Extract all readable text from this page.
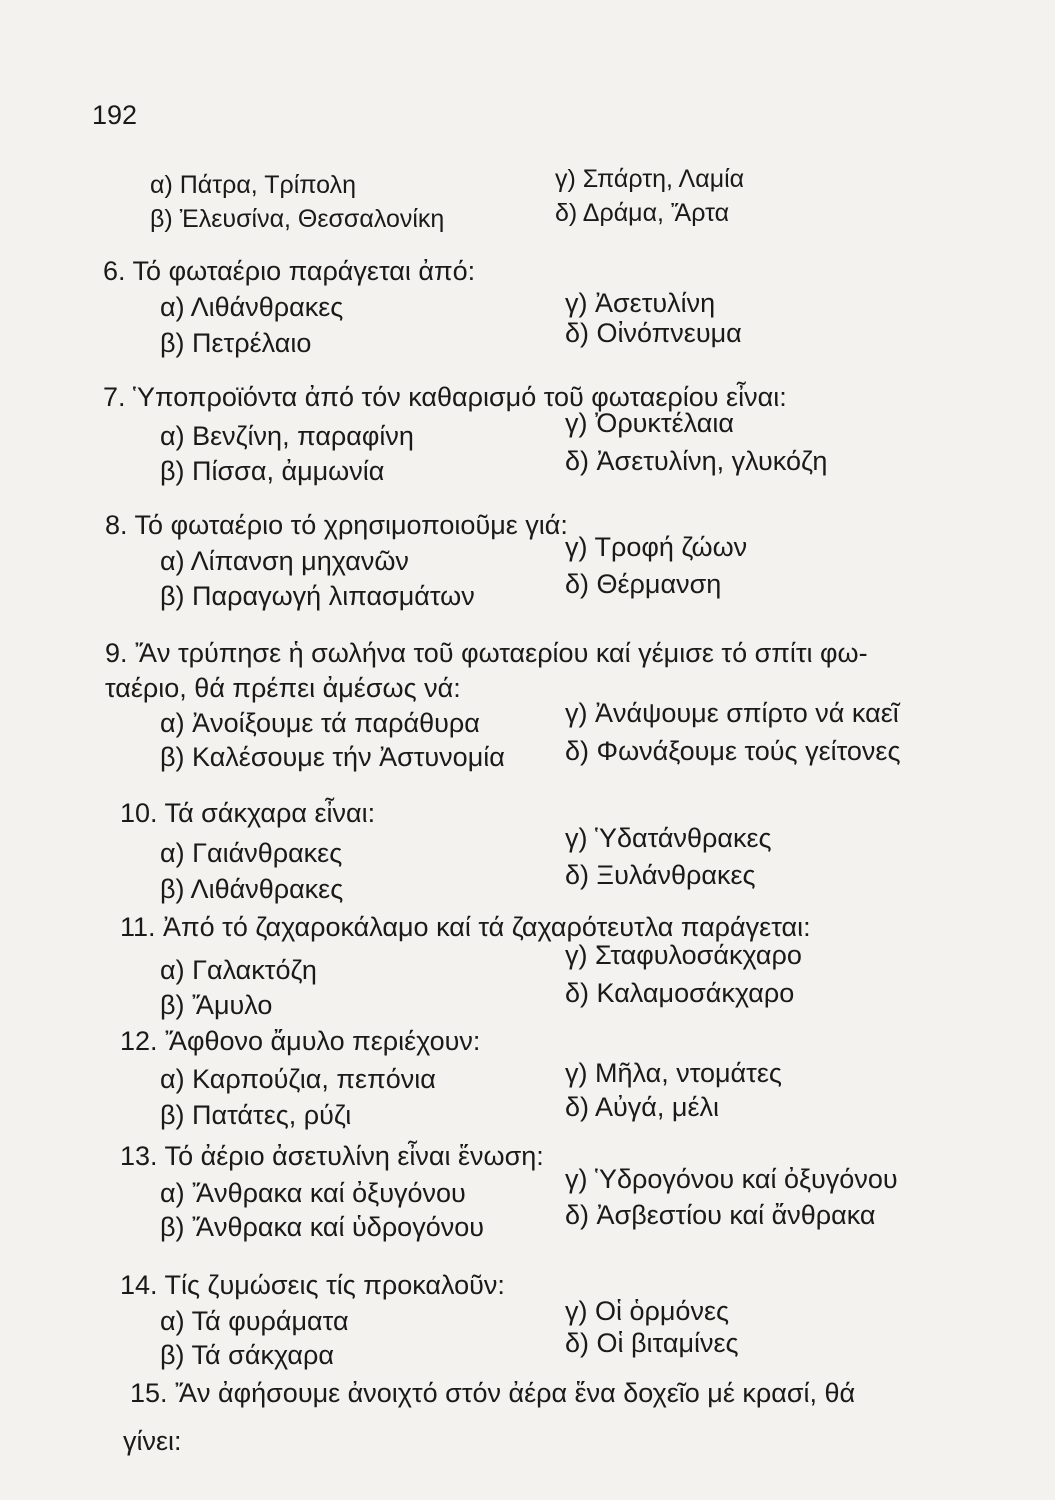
192
α) Πάτρα, Τρίπολη	γ) Σπάρτη, Λαμία
β) Ἐλευσίνα, Θεσσαλονίκη	δ) Δράμα, Ἄρτα
6. Τό φωταέριο παράγεται ἀπό:
α) Λιθάνθρακες	γ) Ἀσετυλίνη
β) Πετρέλαιο	δ) Οἰνόπνευμα
7. Ὑποπροϊόντα ἀπό τόν καθαρισμό τοῦ φωταερίου εἶναι:
α) Βενζίνη, παραφίνη	γ) Ὀρυκτέλαια
β) Πίσσα, ἀμμωνία	δ) Ἀσετυλίνη, γλυκόζη
8. Τό φωταέριο τό χρησιμοποιοῦμε γιά:
α) Λίπανση μηχανῶν	γ) Τροφή ζώων
β) Παραγωγή λιπασμάτων	δ) Θέρμανση
9. Ἄν τρύπησε ἡ σωλήνα τοῦ φωταερίου καί γέμισε τό σπίτι φω-
ταέριο, θά πρέπει ἀμέσως νά:
α) Ἀνοίξουμε τά παράθυρα	γ) Ἀνάψουμε σπίρτο νά καεῖ
β) Καλέσουμε τήν Ἀστυνομία δ) Φωνάξουμε τούς γείτονες
10. Τά σάκχαρα εἶναι:
α) Γαιάνθρακες	γ) Ὑδατάνθρακες
β) Λιθάνθρακες	δ) Ξυλάνθρακες
11. Ἀπό τό ζαχαροκάλαμο καί τά ζαχαρότευτλα παράγεται:
α) Γαλακτόζη	γ) Σταφυλοσάκχαρο
β) Ἄμυλο	δ) Καλαμοσάκχαρο
12. Ἄφθονο ἄμυλο περιέχουν:
α) Καρπούζια, πεπόνια	γ) Μῆλα, ντομάτες
β) Πατάτες, ρύζι	δ) Αὐγά, μέλι
13. Τό ἀέριο ἀσετυλίνη εἶναι ἕνωση:
α) Ἄνθρακα καί ὀξυγόνου	γ) Ὑδρογόνου καί ὀξυγόνου
β) Ἄνθρακα καί ὑδρογόνου	δ) Ἀσβεστίου καί ἄνθρακα
14. Τίς ζυμώσεις τίς προκαλοῦν:
α) Τά φυράματα	γ) Οἱ ὁρμόνες
β) Τά σάκχαρα	δ) Οἱ βιταμίνες
15. Ἄν ἀφήσουμε ἀνοιχτό στόν ἀέρα ἕνα δοχεῖο μέ κρασί, θά
γίνει:
